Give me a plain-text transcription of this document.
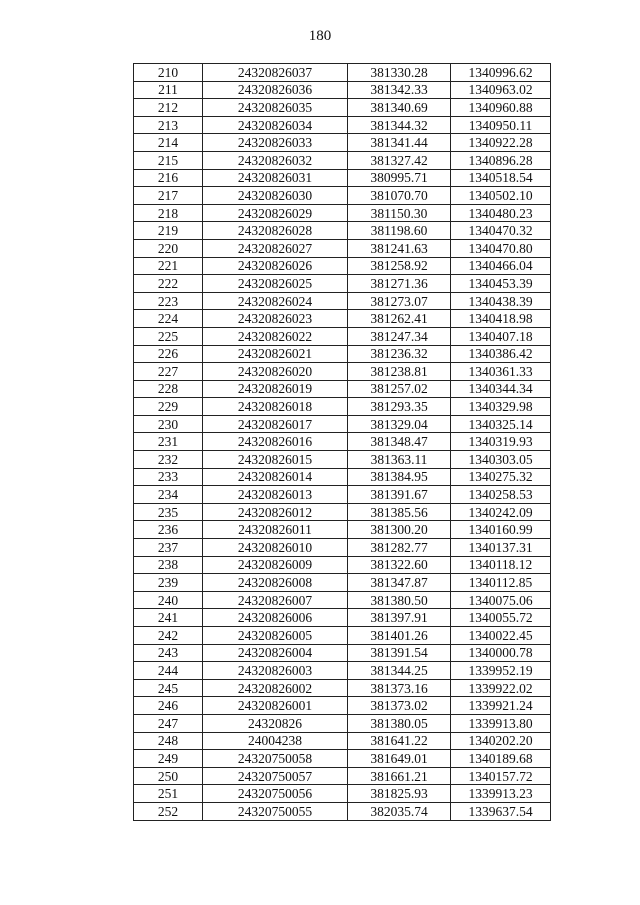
180
210	24320826037	381330.28	1340996.62
211	24320826036	381342.33	1340963.02
212	24320826035	381340.69	1340960.88
213	24320826034	381344.32	1340950.11
214	24320826033	381341.44	1340922.28
215	24320826032	381327.42	1340896.28
216	24320826031	380995.71	1340518.54
217	24320826030	381070.70	1340502.10
218	24320826029	381150.30	1340480.23
219	24320826028	381198.60	1340470.32
220	24320826027	381241.63	1340470.80
221	24320826026	381258.92	1340466.04
222	24320826025	381271.36	1340453.39
223	24320826024	381273.07	1340438.39
224	24320826023	381262.41	1340418.98
225	24320826022	381247.34	1340407.18
226	24320826021	381236.32	1340386.42
227	24320826020	381238.81	1340361.33
228	24320826019	381257.02	1340344.34
229	24320826018	381293.35	1340329.98
230	24320826017	381329.04	1340325.14
231	24320826016	381348.47	1340319.93
232	24320826015	381363.11	1340303.05
233	24320826014	381384.95	1340275.32
234	24320826013	381391.67	1340258.53
235	24320826012	381385.56	1340242.09
236	24320826011	381300.20	1340160.99
237	24320826010	381282.77	1340137.31
238	24320826009	381322.60	1340118.12
239	24320826008	381347.87	1340112.85
240	24320826007	381380.50	1340075.06
241	24320826006	381397.91	1340055.72
242	24320826005	381401.26	1340022.45
243	24320826004	381391.54	1340000.78
244	24320826003	381344.25	1339952.19
245	24320826002	381373.16	1339922.02
246	24320826001	381373.02	1339921.24
247	24320826	381380.05	1339913.80
248	24004238	381641.22	1340202.20
249	24320750058	381649.01	1340189.68
250	24320750057	381661.21	1340157.72
251	24320750056	381825.93	1339913.23
252	24320750055	382035.74	1339637.54
